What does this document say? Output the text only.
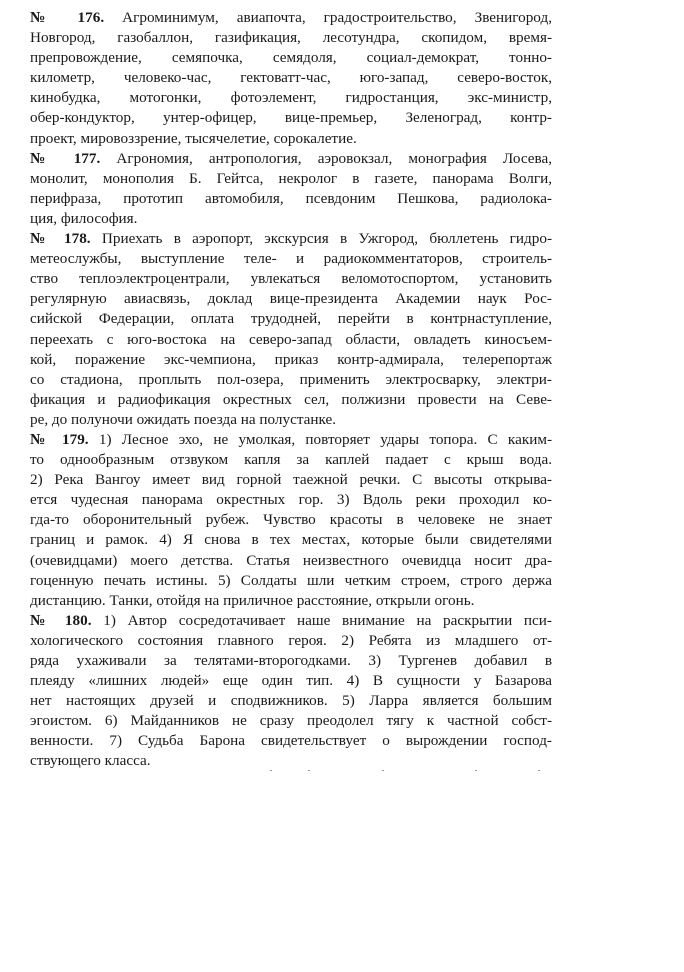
№ 176. Агроминимум, авиапочта, градостроительство, Звенигород,
Новгород, газобаллон, газификация, лесотундра, скопидом, время-
препровождение, семяпочка, семядоля, социал-демократ, тонно-
километр, человеко-час, гектоватт-час, юго-запад, северо-восток,
кинобудка, мотогонки, фотоэлемент, гидростанция, экс-министр,
обер-кондуктор, унтер-офицер, вице-премьер, Зеленоград, контр-
проект, мировоззрение, тысячелетие, сорокалетие.
№ 177. Агрономия, антропология, аэровокзал, монография Лосева,
монолит, монополия Б. Гейтса, некролог в газете, панорама Волги,
перифраза, прототип автомобиля, псевдоним Пешкова, радиолока-
ция, философия.
№ 178. Приехать в аэропорт, экскурсия в Ужгород, бюллетень гидро-
метеослужбы, выступление теле- и радиокомментаторов, строитель-
ство теплоэлектроцентрали, увлекаться веломотоспортом, установить
регулярную авиасвязь, доклад вице-президента Академии наук Рос-
сийской Федерации, оплата трудодней, перейти в контрнаступление,
переехать с юго-востока на северо-запад области, овладеть киносъем-
кой, поражение экс-чемпиона, приказ контр-адмирала, телерепортаж
со стадиона, проплыть пол-озера, применить электросварку, электри-
фикация и радиофикация окрестных сел, полжизни провести на Севе-
ре, до полуночи ожидать поезда на полустанке.
№ 179. 1) Лесное эхо, не умолкая, повторяет удары топора. С каким-
то однообразным отзвуком капля за каплей падает с крыш вода.
2) Река Вангоу имеет вид горной таежной речки. С высоты открыва-
ется чудесная панорама окрестных гор. 3) Вдоль реки проходил ко-
гда-то оборонительный рубеж. Чувство красоты в человеке не знает
границ и рамок. 4) Я снова в тех местах, которые были свидетелями
(очевидцами) моего детства. Статья неизвестного очевидца носит дра-
гоценную печать истины. 5) Солдаты шли четким строем, строго держа
дистанцию. Танки, отойдя на приличное расстояние, открыли огонь.
№ 180. 1) Автор сосредотачивает наше внимание на раскрытии пси-
хологического состояния главного героя. 2) Ребята из младшего от-
ряда ухаживали за телятами-второгодками. 3) Тургенев добавил в
плеяду «лишних людей» еще один тип. 4) В сущности у Базарова
нет настоящих друзей и сподвижников. 5) Ларра является большим
эгоистом. 6) Майданников не сразу преодолел тягу к частной собст-
венности. 7) Судьба Барона свидетельствует о вырождении господ-
ствующего класса.
